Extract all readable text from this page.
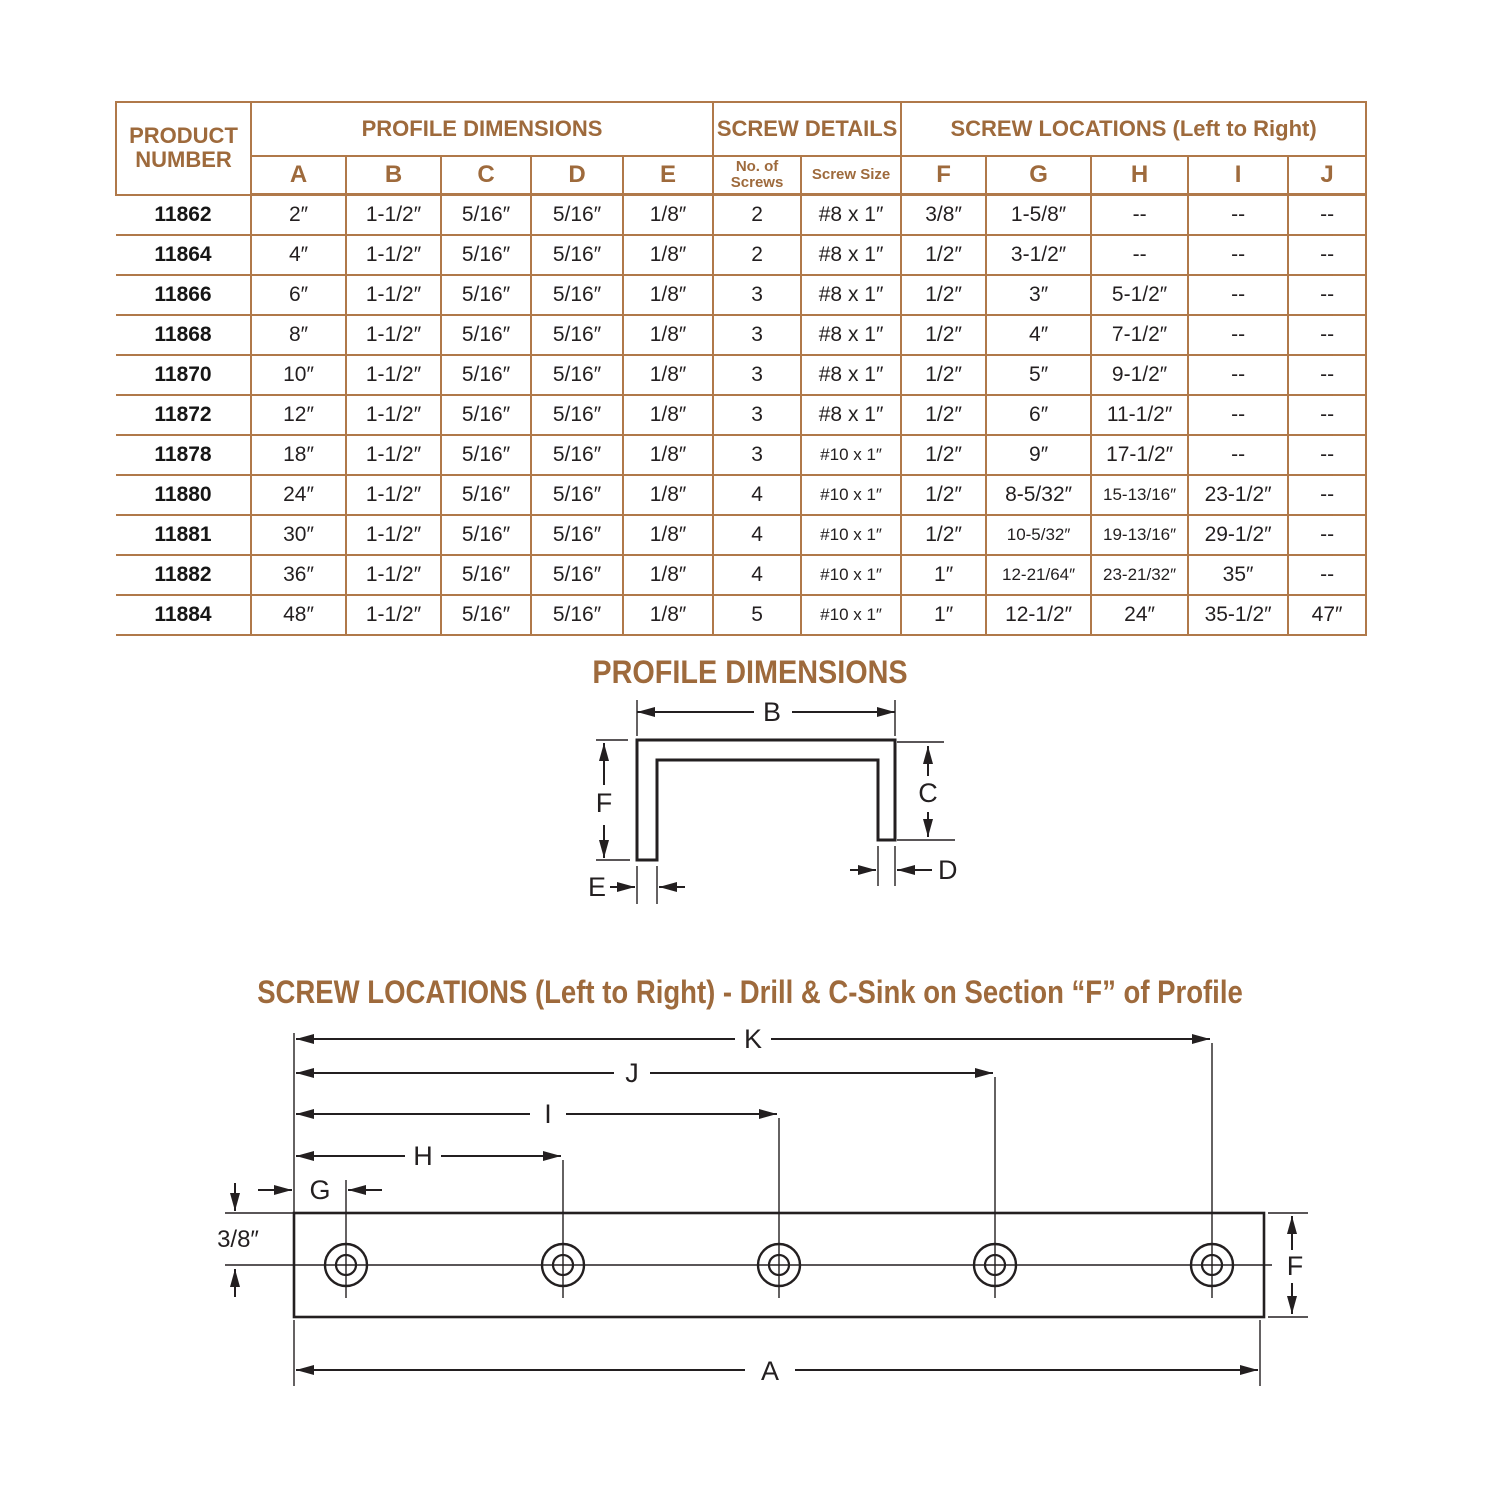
PRODUCT NUMBER	PROFILE DIMENSIONS					SCREW DETAILS		SCREW LOCATIONS (Left to Right)				
	A	B	C	D	E	No. of Screws	Screw Size	F	G	H	I	J
11862	2″	1-1/2″	5/16″	5/16″	1/8″	2	#8 x 1″	3/8″	1-5/8″	--	--	--
11864	4″	1-1/2″	5/16″	5/16″	1/8″	2	#8 x 1″	1/2″	3-1/2″	--	--	--
11866	6″	1-1/2″	5/16″	5/16″	1/8″	3	#8 x 1″	1/2″	3″	5-1/2″	--	--
11868	8″	1-1/2″	5/16″	5/16″	1/8″	3	#8 x 1″	1/2″	4″	7-1/2″	--	--
11870	10″	1-1/2″	5/16″	5/16″	1/8″	3	#8 x 1″	1/2″	5″	9-1/2″	--	--
11872	12″	1-1/2″	5/16″	5/16″	1/8″	3	#8 x 1″	1/2″	6″	11-1/2″	--	--
11878	18″	1-1/2″	5/16″	5/16″	1/8″	3	#10 x 1″	1/2″	9″	17-1/2″	--	--
11880	24″	1-1/2″	5/16″	5/16″	1/8″	4	#10 x 1″	1/2″	8-5/32″	15-13/16″	23-1/2″	--
11881	30″	1-1/2″	5/16″	5/16″	1/8″	4	#10 x 1″	1/2″	10-5/32″	19-13/16″	29-1/2″	--
11882	36″	1-1/2″	5/16″	5/16″	1/8″	4	#10 x 1″	1″	12-21/64″	23-21/32″	35″	--
11884	48″	1-1/2″	5/16″	5/16″	1/8″	5	#10 x 1″	1″	12-1/2″	24″	35-1/2″	47″
PROFILE DIMENSIONS
B
F	C
D
E
SCREW LOCATIONS (Left to Right) - Drill & C-Sink on Section “F” of Profile
K
J
I
H
G
3/8″
F
A
